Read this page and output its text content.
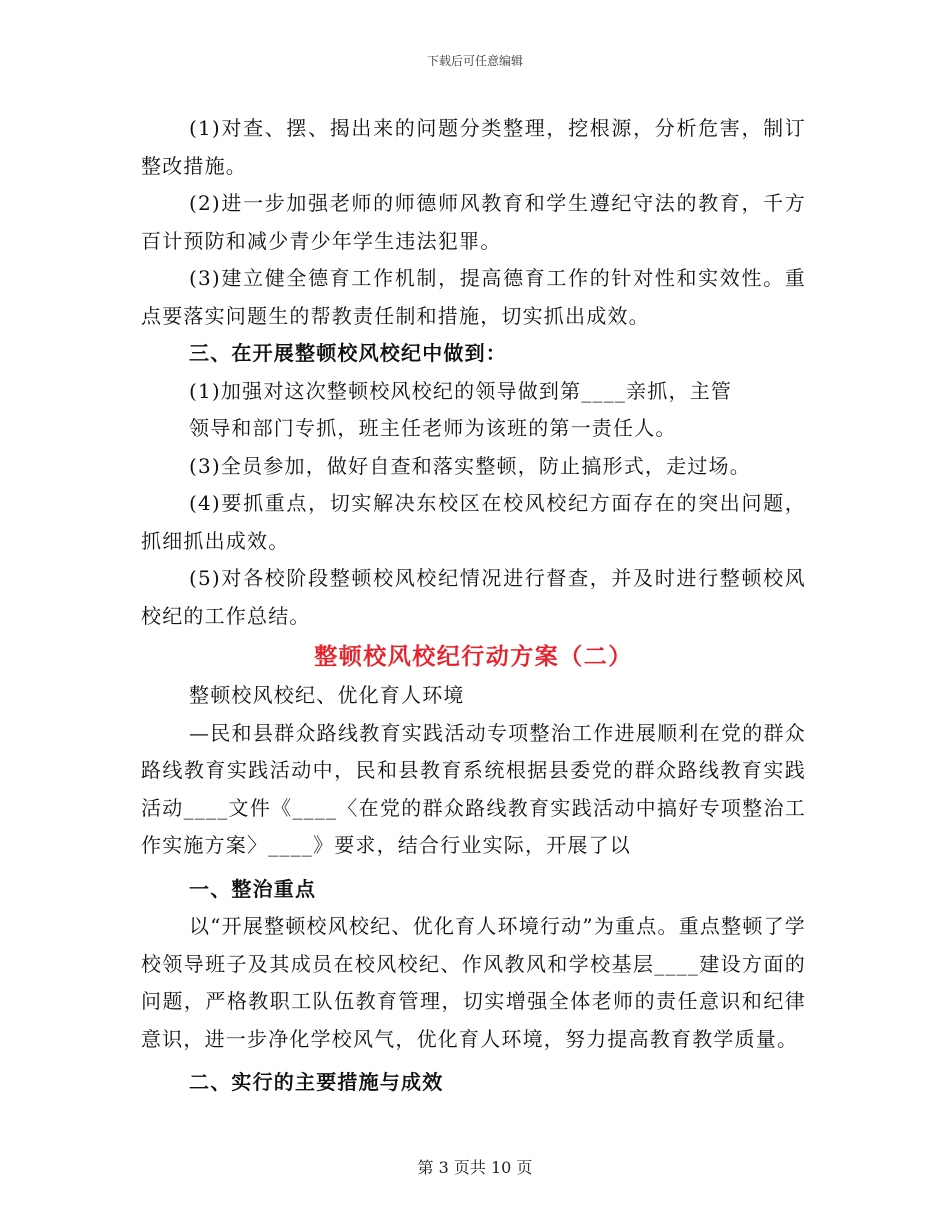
下载后可任意编辑

(1)对查、摆、揭出来的问题分类整理，挖根源，分析危害，制订整改措施。

(2)进一步加强老师的师德师风教育和学生遵纪守法的教育，千方百计预防和减少青少年学生违法犯罪。

(3)建立健全德育工作机制，提高德育工作的针对性和实效性。重点要落实问题生的帮教责任制和措施，切实抓出成效。

三、在开展整顿校风校纪中做到：

(1)加强对这次整顿校风校纪的领导做到第____亲抓，主管

领导和部门专抓，班主任老师为该班的第一责任人。

(3)全员参加，做好自查和落实整顿，防止搞形式，走过场。

(4)要抓重点，切实解决东校区在校风校纪方面存在的突出问题，抓细抓出成效。

(5)对各校阶段整顿校风校纪情况进行督查，并及时进行整顿校风校纪的工作总结。

整顿校风校纪行动方案（二）

整顿校风校纪、优化育人环境

—民和县群众路线教育实践活动专项整治工作进展顺利在党的群众路线教育实践活动中，民和县教育系统根据县委党的群众路线教育实践活动____文件《____〈在党的群众路线教育实践活动中搞好专项整治工作实施方案〉____》要求，结合行业实际，开展了以

一、整治重点

以“开展整顿校风校纪、优化育人环境行动”为重点。重点整顿了学校领导班子及其成员在校风校纪、作风教风和学校基层____建设方面的问题，严格教职工队伍教育管理，切实增强全体老师的责任意识和纪律意识，进一步净化学校风气，优化育人环境，努力提高教育教学质量。

二、实行的主要措施与成效

第 3 页共 10 页
